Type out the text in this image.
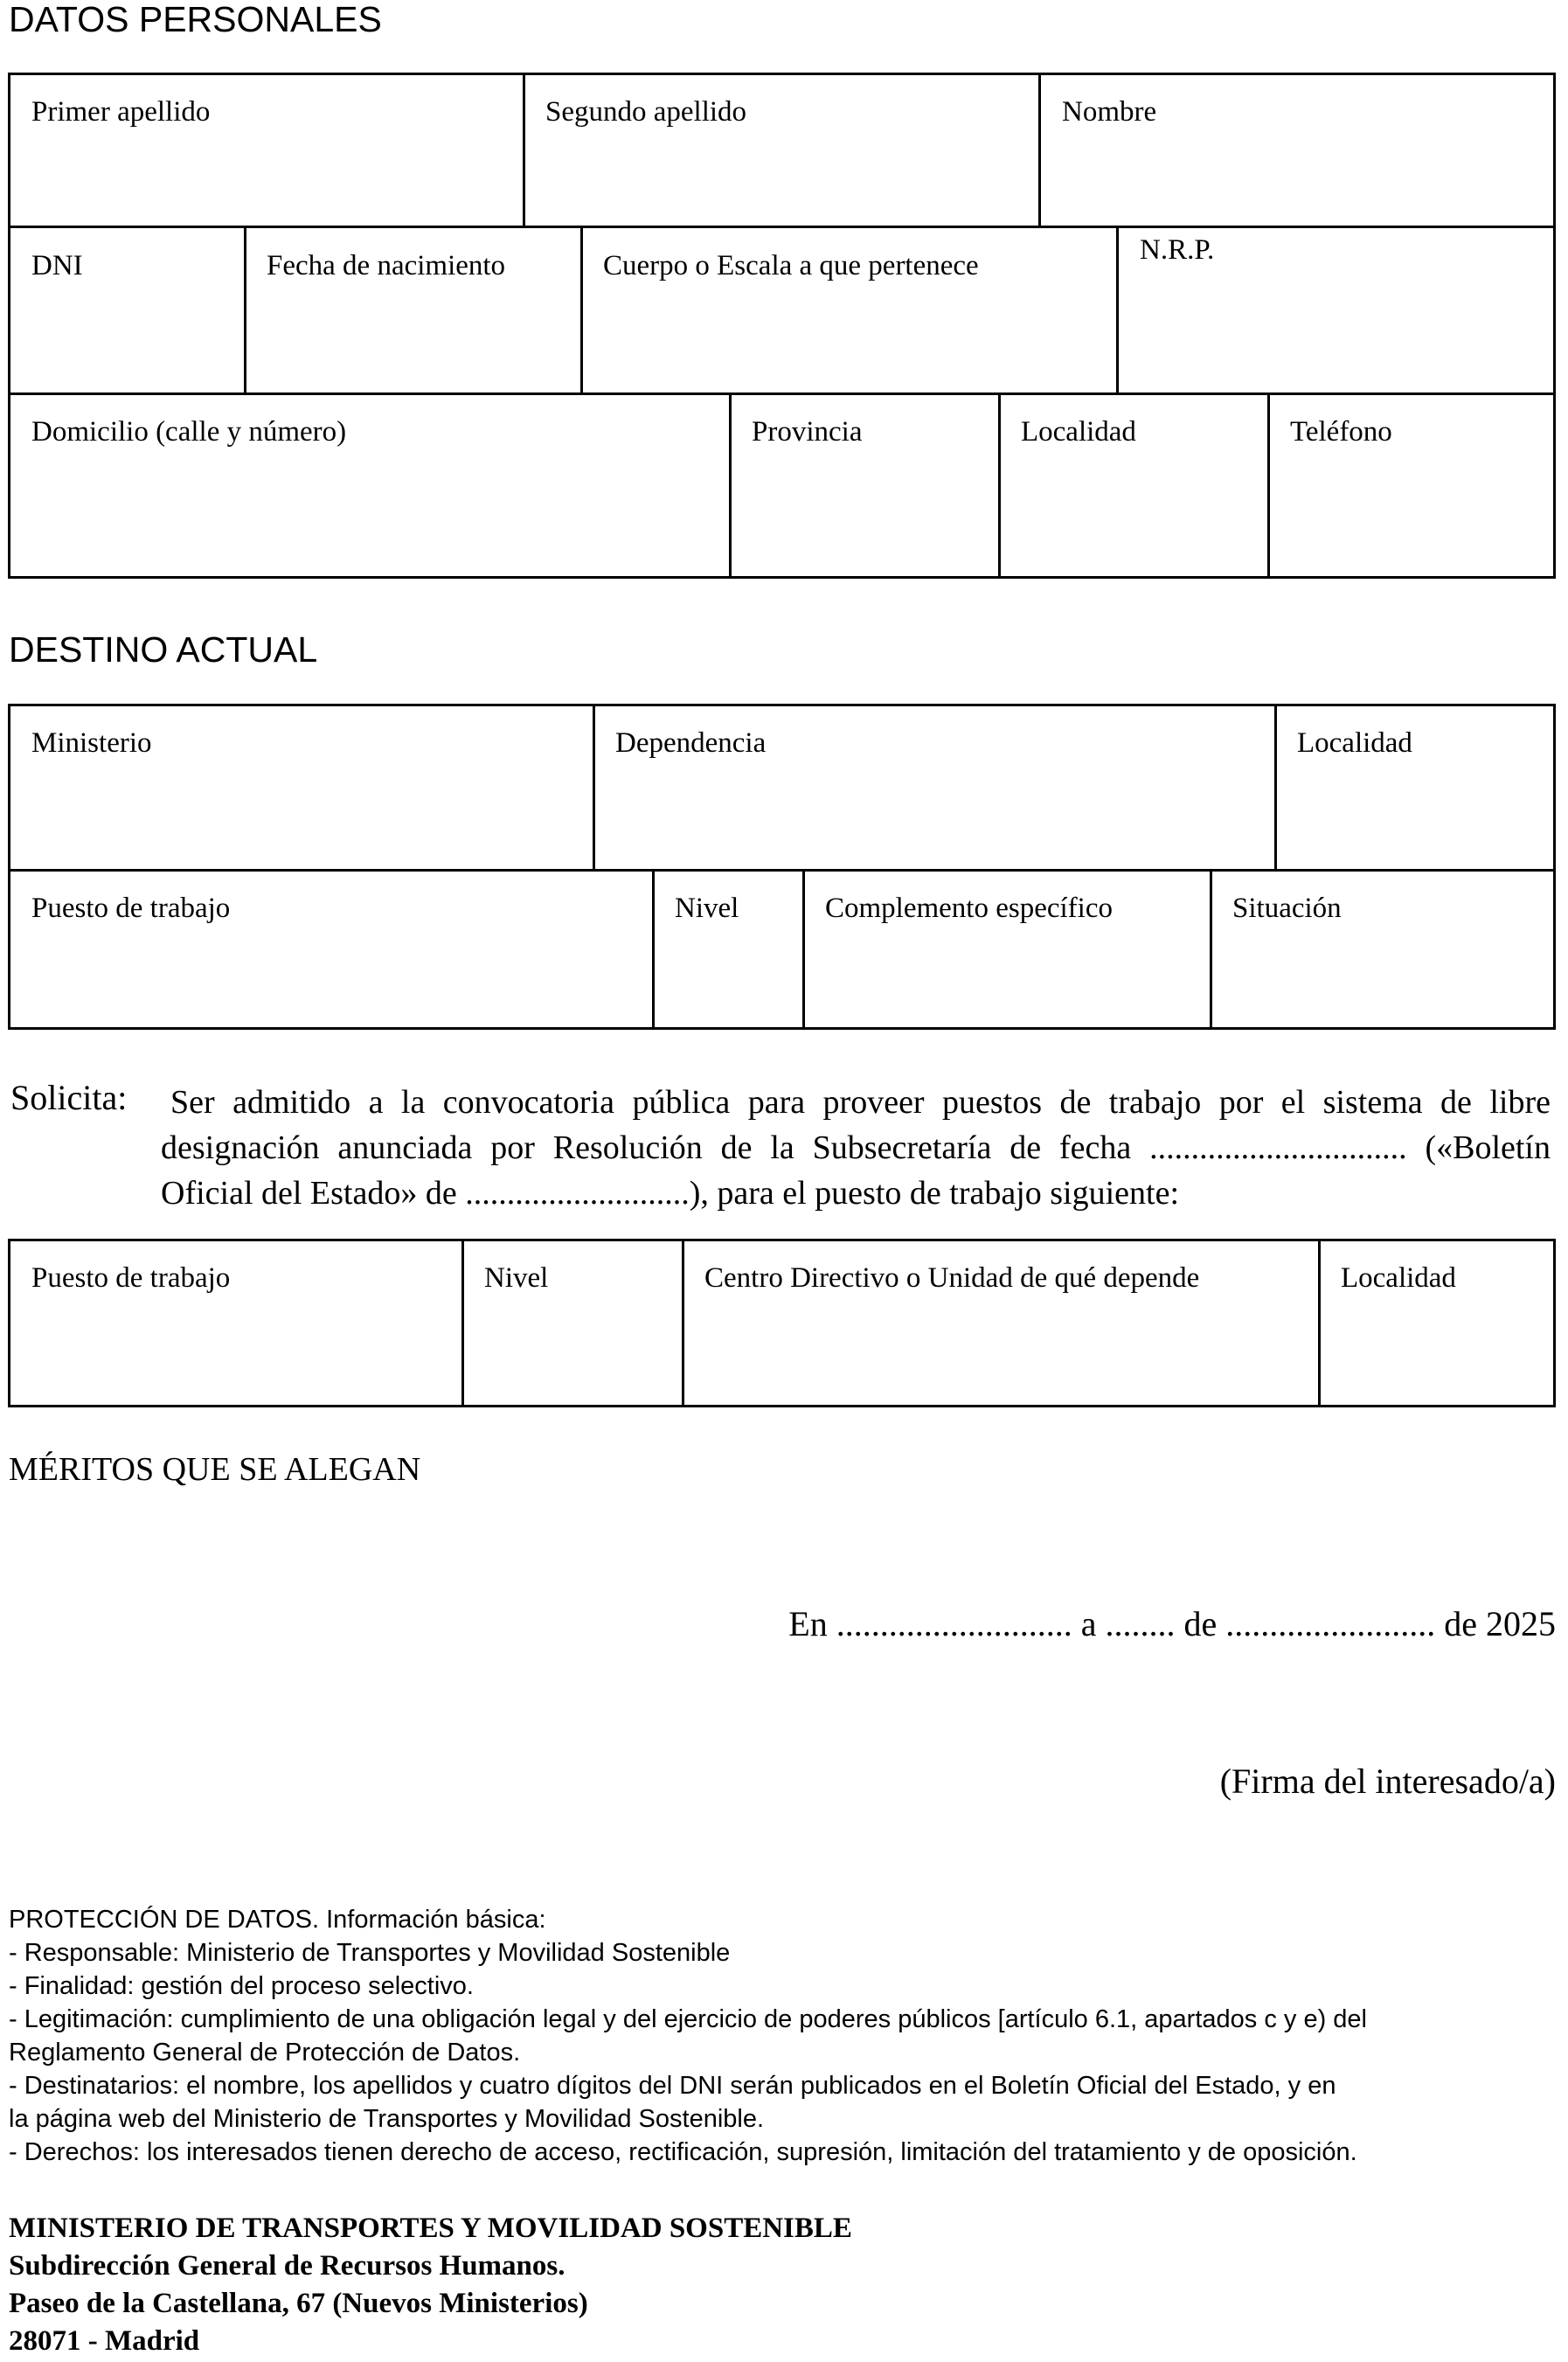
DATOS PERSONALES
Primer apellido	Segundo apellido	Nombre
DNI	Fecha de nacimiento	Cuerpo o Escala a que pertenece	N.R.P.
Domicilio (calle y número)	Provincia	Localidad	Teléfono
DESTINO ACTUAL
Ministerio	Dependencia	Localidad
Puesto de trabajo	Nivel	Complemento específico	Situación
Solicita: Ser admitido a la convocatoria pública para proveer puestos de trabajo por el sistema de libre designación anunciada por Resolución de la Subsecretaría de fecha ............................... («Boletín Oficial del Estado» de ...........................), para el puesto de trabajo siguiente:
Puesto de trabajo	Nivel	Centro Directivo o Unidad de qué depende	Localidad
MÉRITOS QUE SE ALEGAN
En ........................... a ........ de ........................ de 2025
(Firma del interesado/a)
PROTECCIÓN DE DATOS. Información básica:
- Responsable: Ministerio de Transportes y Movilidad Sostenible
- Finalidad: gestión del proceso selectivo.
- Legitimación: cumplimiento de una obligación legal y del ejercicio de poderes públicos [artículo 6.1, apartados c y e) del
Reglamento General de Protección de Datos.
- Destinatarios: el nombre, los apellidos y cuatro dígitos del DNI serán publicados en el Boletín Oficial del Estado, y en
la página web del Ministerio de Transportes y Movilidad Sostenible.
- Derechos: los interesados tienen derecho de acceso, rectificación, supresión, limitación del tratamiento y de oposición.
MINISTERIO DE TRANSPORTES Y MOVILIDAD SOSTENIBLE
Subdirección General de Recursos Humanos.
Paseo de la Castellana, 67 (Nuevos Ministerios)
28071 - Madrid
